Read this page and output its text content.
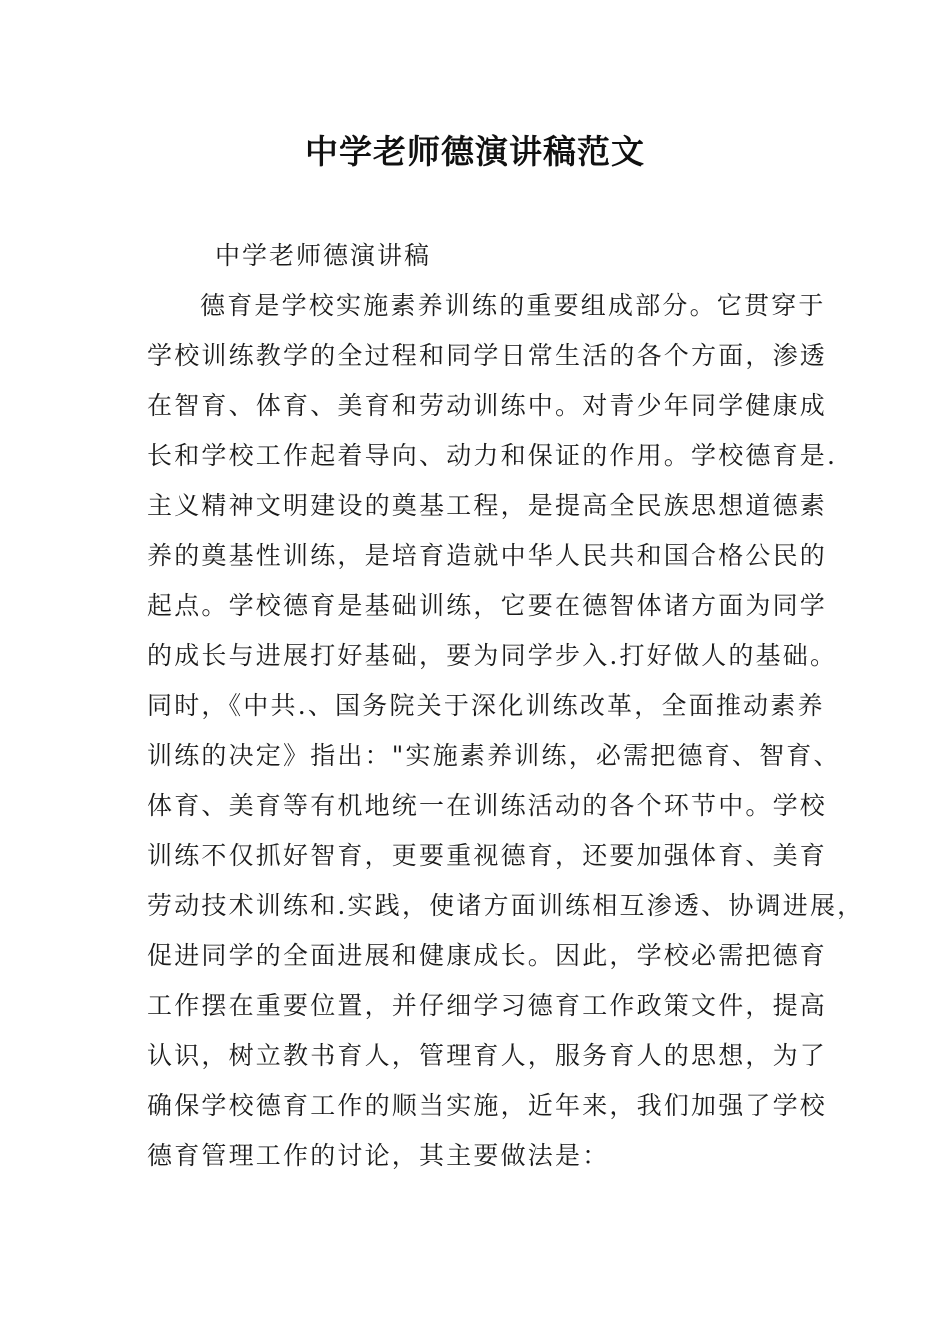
中学老师德演讲稿范文
中学老师德演讲稿
德育是学校实施素养训练的重要组成部分。它贯穿于
学校训练教学的全过程和同学日常生活的各个方面，渗透
在智育、体育、美育和劳动训练中。对青少年同学健康成
长和学校工作起着导向、动力和保证的作用。学校德育是.
主义精神文明建设的奠基工程，是提高全民族思想道德素
养的奠基性训练，是培育造就中华人民共和国合格公民的
起点。学校德育是基础训练，它要在德智体诸方面为同学
的成长与进展打好基础，要为同学步入.打好做人的基础。
同时，《中共.、国务院关于深化训练改革，全面推动素养
训练的决定》指出："实施素养训练，必需把德育、智育、
体育、美育等有机地统一在训练活动的各个环节中。学校
训练不仅抓好智育，更要重视德育，还要加强体育、美育
劳动技术训练和.实践，使诸方面训练相互渗透、协调进展，
促进同学的全面进展和健康成长。因此，学校必需把德育
工作摆在重要位置，并仔细学习德育工作政策文件，提高
认识，树立教书育人，管理育人，服务育人的思想，为了
确保学校德育工作的顺当实施，近年来，我们加强了学校
德育管理工作的讨论，其主要做法是：
